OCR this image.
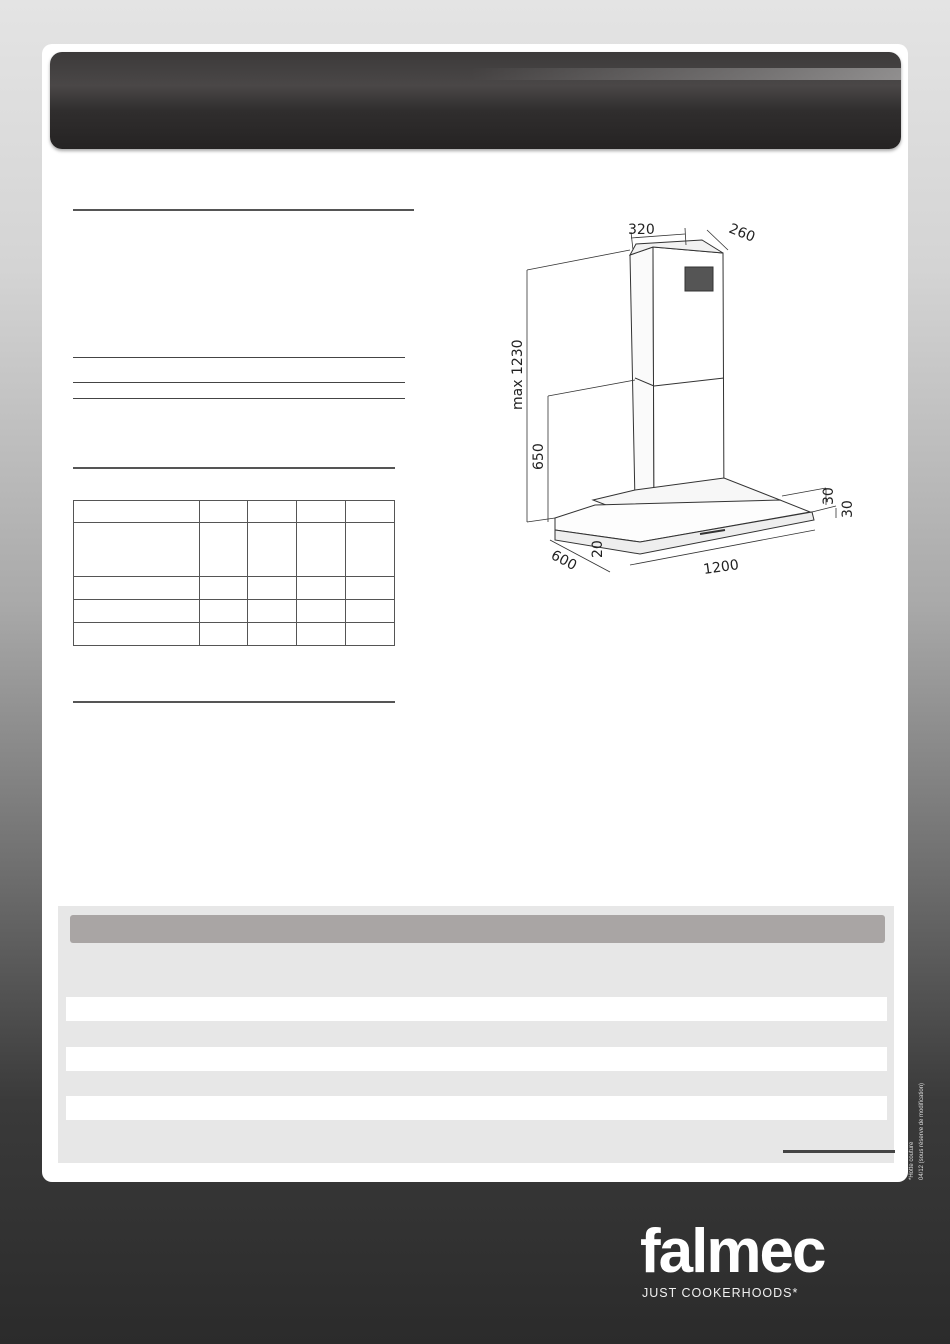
320	260
max 1230
650
30
30
20
600	1200
*Hotte couture 04/12 (sous réserve de modification)
falmec
JUST COOKERHOODS*
